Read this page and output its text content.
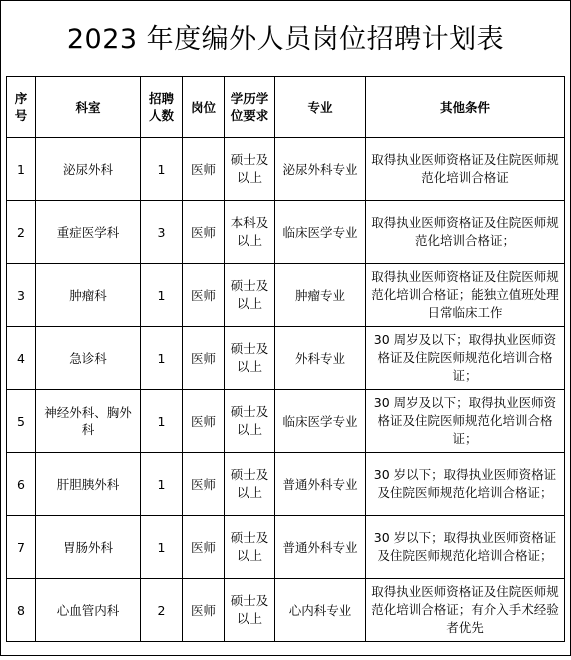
2023 年度编外人员岗位招聘计划表
序号	科室	招聘人数	岗位	学历学位要求	专业	其他条件
1	泌尿外科	1	医师	硕士及以上	泌尿外科专业	取得执业医师资格证及住院医师规范化培训合格证
2	重症医学科	3	医师	本科及以上	临床医学专业	取得执业医师资格证及住院医师规范化培训合格证；
3	肿瘤科	1	医师	硕士及以上	肿瘤专业	取得执业医师资格证及住院医师规范化培训合格证；能独立值班处理日常临床工作
4	急诊科	1	医师	硕士及以上	外科专业	30 周岁及以下；取得执业医师资格证及住院医师规范化培训合格证；
5	神经外科、胸外科	1	医师	硕士及以上	临床医学专业	30 周岁及以下；取得执业医师资格证及住院医师规范化培训合格证；
6	肝胆胰外科	1	医师	硕士及以上	普通外科专业	30 岁以下；取得执业医师资格证及住院医师规范化培训合格证；
7	胃肠外科	1	医师	硕士及以上	普通外科专业	30 岁以下；取得执业医师资格证及住院医师规范化培训合格证；
8	心血管内科	2	医师	硕士及以上	心内科专业	取得执业医师资格证及住院医师规范化培训合格证；有介入手术经验者优先
